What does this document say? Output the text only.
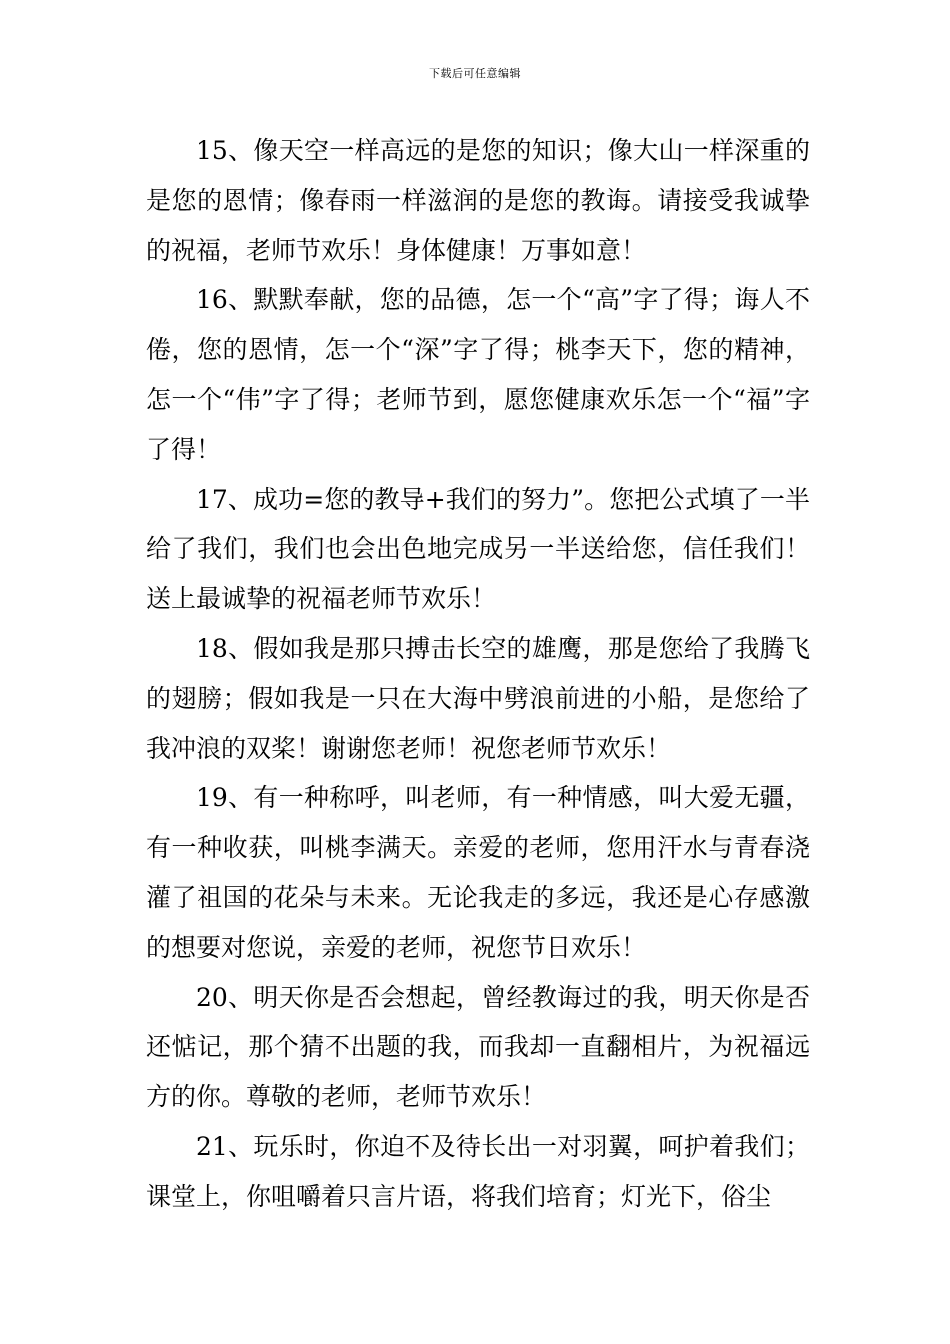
下载后可任意编辑

15、像天空一样高远的是您的知识；像大山一样深重的是您的恩情；像春雨一样滋润的是您的教诲。请接受我诚挚的祝福，老师节欢乐！身体健康！万事如意！

16、默默奉献，您的品德，怎一个“高”字了得；诲人不倦，您的恩情，怎一个“深”字了得；桃李天下，您的精神，怎一个“伟”字了得；老师节到，愿您健康欢乐怎一个“福”字了得！

17、成功=您的教导+我们的努力”。您把公式填了一半给了我们，我们也会出色地完成另一半送给您，信任我们！送上最诚挚的祝福老师节欢乐！

18、假如我是那只搏击长空的雄鹰，那是您给了我腾飞的翅膀；假如我是一只在大海中劈浪前进的小船，是您给了我冲浪的双桨！谢谢您老师！祝您老师节欢乐！

19、有一种称呼，叫老师，有一种情感，叫大爱无疆，有一种收获，叫桃李满天。亲爱的老师，您用汗水与青春浇灌了祖国的花朵与未来。无论我走的多远，我还是心存感激的想要对您说，亲爱的老师，祝您节日欢乐！

20、明天你是否会想起，曾经教诲过的我，明天你是否还惦记，那个猜不出题的我，而我却一直翻相片，为祝福远方的你。尊敬的老师，老师节欢乐！

21、玩乐时，你迫不及待长出一对羽翼，呵护着我们；课堂上，你咀嚼着只言片语，将我们培育；灯光下，俗尘
